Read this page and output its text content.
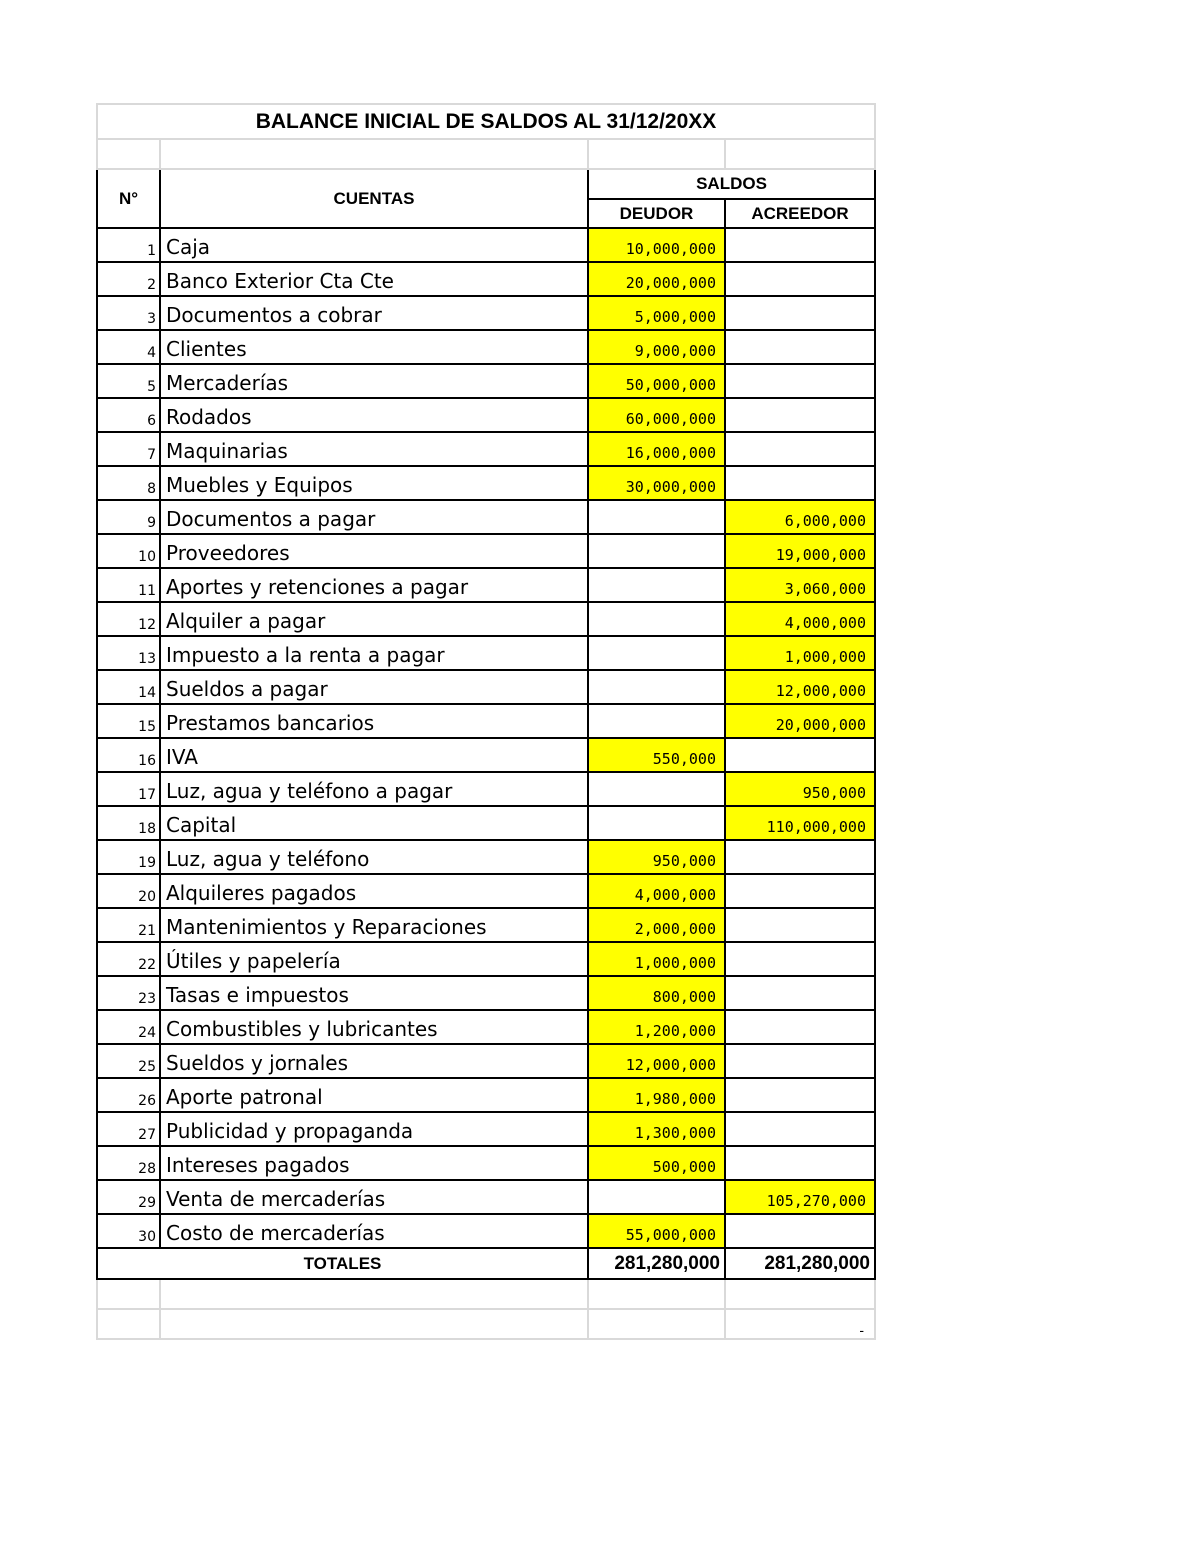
BALANCE INICIAL DE SALDOS AL 31/12/20XX			

N°	CUENTAS	SALDOS	
		DEUDOR	ACREEDOR
1	Caja	10,000,000	
2	Banco Exterior Cta Cte	20,000,000	
3	Documentos a cobrar	5,000,000	
4	Clientes	9,000,000	
5	Mercaderías	50,000,000	
6	Rodados	60,000,000	
7	Maquinarias	16,000,000	
8	Muebles y Equipos	30,000,000	
9	Documentos a pagar		6,000,000
10	Proveedores		19,000,000
11	Aportes y retenciones a pagar		3,060,000
12	Alquiler a pagar		4,000,000
13	Impuesto a la renta a pagar		1,000,000
14	Sueldos a pagar		12,000,000
15	Prestamos bancarios		20,000,000
16	IVA	550,000	
17	Luz, agua y teléfono a pagar		950,000
18	Capital		110,000,000
19	Luz, agua y teléfono	950,000	
20	Alquileres pagados	4,000,000	
21	Mantenimientos y Reparaciones	2,000,000	
22	Útiles y papelería	1,000,000	
23	Tasas e impuestos	800,000	
24	Combustibles y lubricantes	1,200,000	
25	Sueldos y jornales	12,000,000	
26	Aporte patronal	1,980,000	
27	Publicidad y propaganda	1,300,000	
28	Intereses pagados	500,000	
29	Venta de mercaderías		105,270,000
30	Costo de mercaderías	55,000,000	
TOTALES		281,280,000	281,280,000

			-
